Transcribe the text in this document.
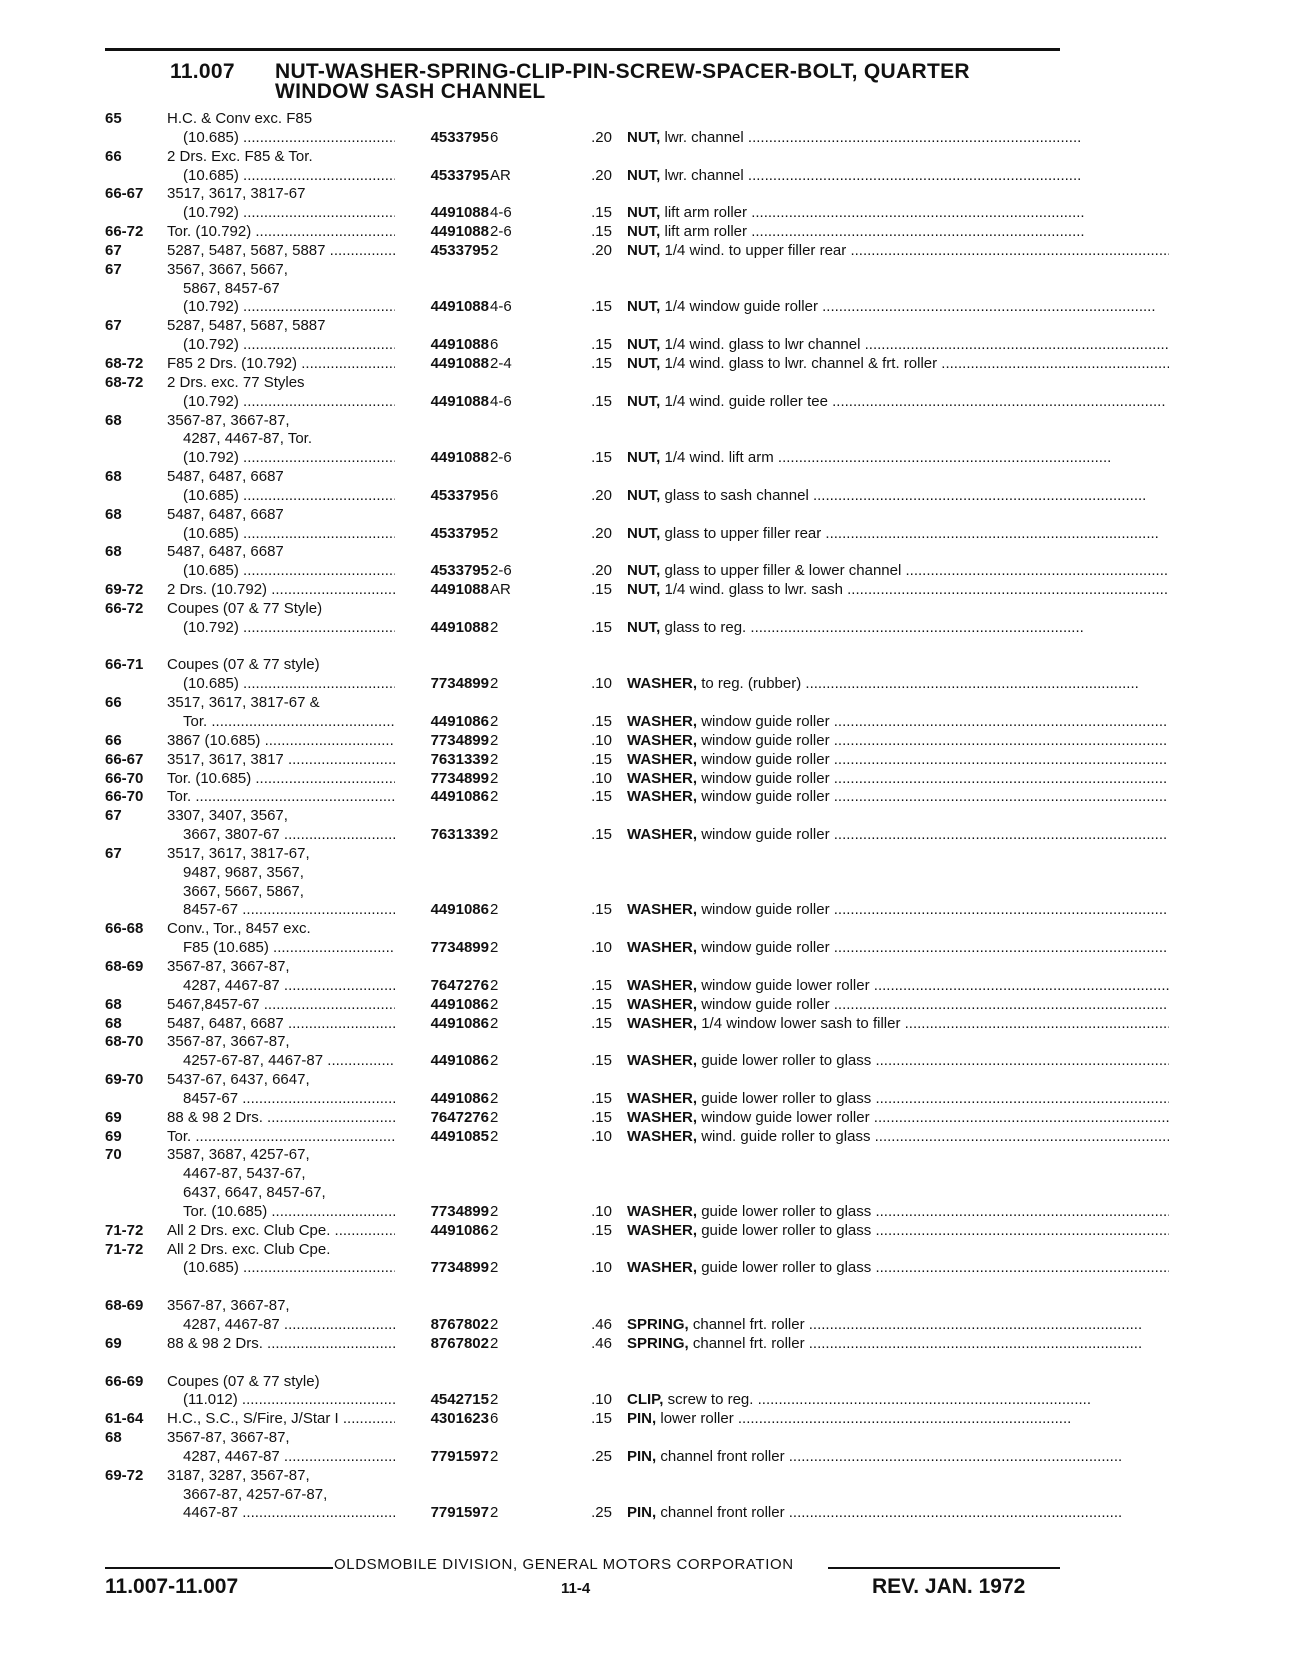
11.007 NUT-WASHER-SPRING-CLIP-PIN-SCREW-SPACER-BOLT, QUARTER
WINDOW SASH CHANNEL
65	H.C. & Conv exc. F85
(10.685) .....	4533795 6	.20 NUT, lwr. channel .....
66	2 Drs. Exc. F85 & Tor.
(10.685) .....	4533795 AR	.20 NUT, lwr. channel .....
66-67 3517, 3617, 3817-67
(10.792) .....	4491088 4-6	.15 NUT, lift arm roller .....
66-72 Tor. (10.792) .....	4491088 2-6	.15 NUT, lift arm roller .....
67	5287, 5487, 5687, 5887 .....	4533795 2	.20 NUT, 1/4 wind. to upper filler rear .....
67	3567, 3667, 5667,
5867, 8457-67
(10.792) .....	4491088 4-6	.15 NUT, 1/4 window guide roller .....
67	5287, 5487, 5687, 5887
(10.792) .....	4491088 6	.15 NUT, 1/4 wind. glass to lwr channel .....
68-72 F85 2 Drs. (10.792) .....	4491088 2-4	.15 NUT, 1/4 wind. glass to lwr. channel & frt. roller .....
68-72 2 Drs. exc. 77 Styles
(10.792) .....	4491088 4-6	.15 NUT, 1/4 wind. guide roller tee .....
68	3567-87, 3667-87,
4287, 4467-87, Tor.
(10.792) .....	4491088 2-6	.15 NUT, 1/4 wind. lift arm .....
68	5487, 6487, 6687
(10.685) .....	4533795 6	.20 NUT, glass to sash channel .....
68	5487, 6487, 6687
(10.685) .....	4533795 2	.20 NUT, glass to upper filler rear .....
68	5487, 6487, 6687
(10.685) .....	4533795 2-6	.20 NUT, glass to upper filler & lower channel .....
69-72 2 Drs. (10.792) .....	4491088 AR	.15 NUT, 1/4 wind. glass to lwr. sash .....
66-72 Coupes (07 & 77 Style)
(10.792) .....	4491088 2	.15 NUT, glass to reg. .....
66-71 Coupes (07 & 77 style)
(10.685) .....	7734899 2	.10 WASHER, to reg. (rubber) .....
66	3517, 3617, 3817-67 &
Tor. .....	4491086 2	.15 WASHER, window guide roller .....
66	3867 (10.685) .....	7734899 2	.10 WASHER, window guide roller .....
66-67 3517, 3617, 3817 .....	7631339 2	.15 WASHER, window guide roller .....
66-70 Tor. (10.685) .....	7734899 2	.10 WASHER, window guide roller .....
66-70 Tor. .....	4491086 2	.15 WASHER, window guide roller .....
67	3307, 3407, 3567,
3667, 3807-67 .....	7631339 2	.15 WASHER, window guide roller .....
67	3517, 3617, 3817-67,
9487, 9687, 3567,
3667, 5667, 5867,
8457-67 .....	4491086 2	.15 WASHER, window guide roller .....
66-68 Conv., Tor., 8457 exc.
F85 (10.685) .....	7734899 2	.10 WASHER, window guide roller .....
68-69 3567-87, 3667-87,
4287, 4467-87 .....	7647276 2	.15 WASHER, window guide lower roller .....
68	5467,8457-67 .....	4491086 2	.15 WASHER, window guide roller .....
68	5487, 6487, 6687 .....	4491086 2	.15 WASHER, 1/4 window lower sash to filler .....
68-70 3567-87, 3667-87,
4257-67-87, 4467-87 .....	4491086 2	.15 WASHER, guide lower roller to glass .....
69-70 5437-67, 6437, 6647,
8457-67 .....	4491086 2	.15 WASHER, guide lower roller to glass .....
69	88 & 98 2 Drs. .....	7647276 2	.15 WASHER, window guide lower roller .....
69	Tor. .....	4491085 2	.10 WASHER, wind. guide roller to glass .....
70	3587, 3687, 4257-67,
4467-87, 5437-67,
6437, 6647, 8457-67,
Tor. (10.685) .....	7734899 2	.10 WASHER, guide lower roller to glass .....
71-72 All 2 Drs. exc. Club Cpe. .....	4491086 2	.15 WASHER, guide lower roller to glass .....
71-72 All 2 Drs. exc. Club Cpe.
(10.685) .....	7734899 2	.10 WASHER, guide lower roller to glass .....
68-69 3567-87, 3667-87,
4287, 4467-87 .....	8767802 2	.46 SPRING, channel frt. roller .....
69	88 & 98 2 Drs. .....	8767802 2	.46 SPRING, channel frt. roller .....
66-69 Coupes (07 & 77 style)
(11.012) .....	4542715 2	.10 CLIP, screw to reg. .....
61-64 H.C., S.C., S/Fire, J/Star I .....	4301623 6	.15 PIN, lower roller .....
68	3567-87, 3667-87,
4287, 4467-87 .....	7791597 2	.25 PIN, channel front roller .....
69-72 3187, 3287, 3567-87,
3667-87, 4257-67-87,
4467-87 .....	7791597 2	.25 PIN, channel front roller .....
OLDSMOBILE DIVISION, GENERAL MOTORS CORPORATION
11.007-11.007	11-4	REV. JAN. 1972
